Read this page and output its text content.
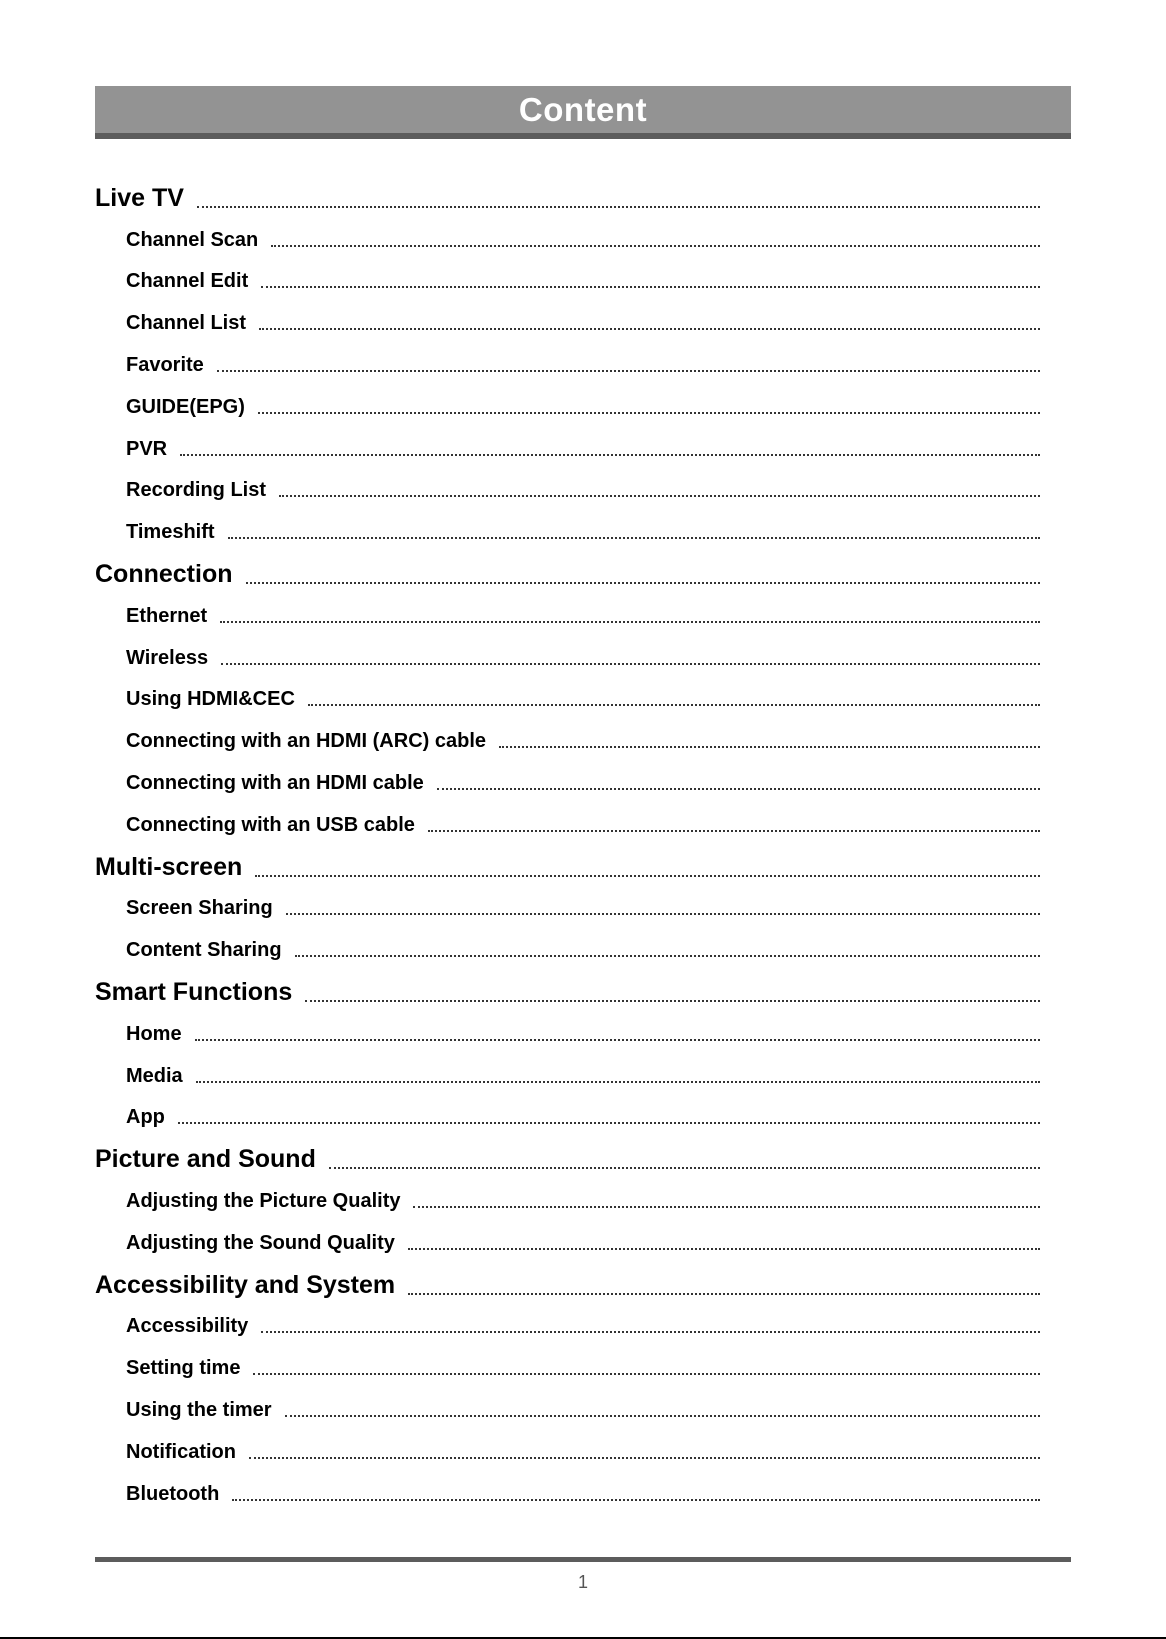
Content
Live TV
Channel Scan
Channel Edit
Channel List
Favorite
GUIDE(EPG)
PVR
Recording List
Timeshift
Connection
Ethernet
Wireless
Using HDMI&CEC
Connecting with an HDMI (ARC) cable
Connecting with an HDMI cable
Connecting with an USB cable
Multi-screen
Screen Sharing
Content Sharing
Smart Functions
Home
Media
App
Picture and Sound
Adjusting the Picture Quality
Adjusting the Sound Quality
Accessibility and System
Accessibility
Setting time
Using the timer
Notification
Bluetooth
1
